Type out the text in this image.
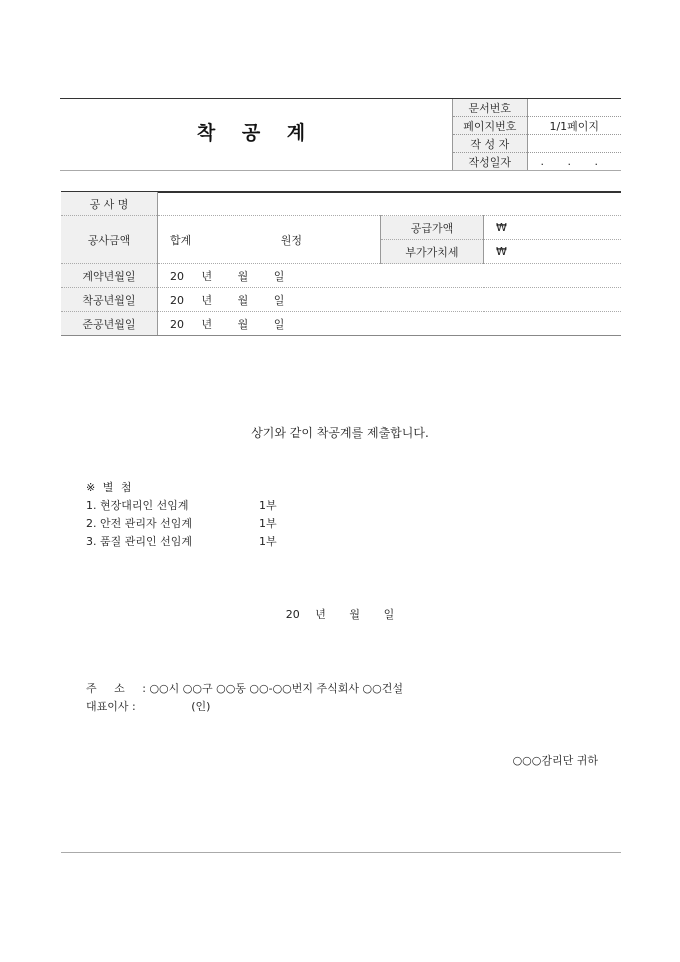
착 공 계
문서번호	
페이지번호	1/1페이지
작 성 자	
작성일자	. . .
공 사 명			
공사금액	합계 원정	공급가액	₩
		부가가치세	₩
계약년월일	20 년 월 일		
착공년월일	20 년 월 일		
준공년월일	20 년 월 일		
상기와 같이 착공계를 제출합니다.
※ 별 첨
1. 현장대리인 선임계	1부
2. 안전 관리자 선임계	1부
3. 품질 관리인 선임계	1부
20 년 월 일
주 소 : ○○시 ○○구 ○○동 ○○-○○번지 주식회사 ○○건설
대표이사 :	(인)
○○○감리단 귀하
